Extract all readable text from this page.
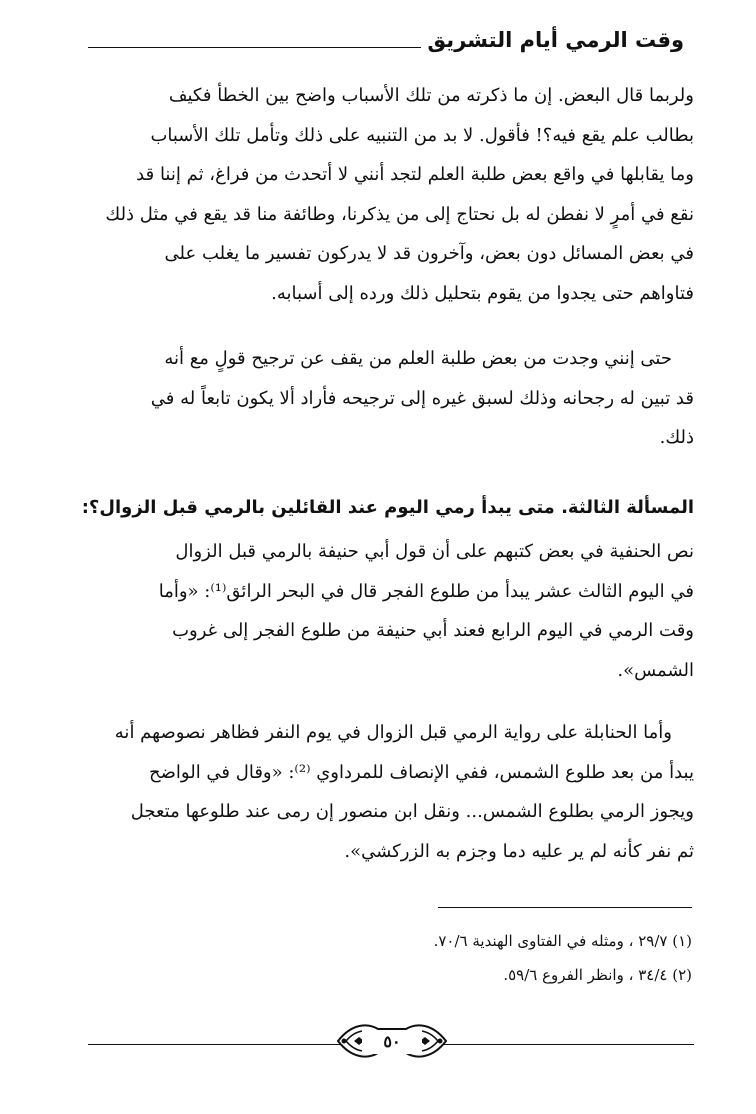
وقت الرمي أيام التشريق

ولربما قال البعض. إن ما ذكرته من تلك الأسباب واضح بين الخطأ فكيف
بطالب علم يقع فيه؟! فأقول. لا بد من التنبيه على ذلك وتأمل تلك الأسباب
وما يقابلها في واقع بعض طلبة العلم لتجد أنني لا أتحدث من فراغ، ثم إننا قد
نقع في أمرٍ لا نفطن له بل نحتاج إلى من يذكرنا، وطائفة منا قد يقع في مثل ذلك
في بعض المسائل دون بعض، وآخرون قد لا يدركون تفسير ما يغلب على
فتاواهم حتى يجدوا من يقوم بتحليل ذلك ورده إلى أسبابه.

حتى إنني وجدت من بعض طلبة العلم من يقف عن ترجيح قولٍ مع أنه
قد تبين له رجحانه وذلك لسبق غيره إلى ترجيحه فأراد ألا يكون تابعاً له في
ذلك.

المسألة الثالثة. متى يبدأ رمي اليوم عند القائلين بالرمي قبل الزوال؟:

نص الحنفية في بعض كتبهم على أن قول أبي حنيفة بالرمي قبل الزوال
في اليوم الثالث عشر يبدأ من طلوع الفجر قال في البحر الرائق⁽¹⁾: «وأما
وقت الرمي في اليوم الرابع فعند أبي حنيفة من طلوع الفجر إلى غروب
الشمس».

وأما الحنابلة على رواية الرمي قبل الزوال في يوم النفر فظاهر نصوصهم أنه
يبدأ من بعد طلوع الشمس، ففي الإنصاف للمرداوي ⁽²⁾: «وقال في الواضح
ويجوز الرمي بطلوع الشمس... ونقل ابن منصور إن رمى عند طلوعها متعجل
ثم نفر كأنه لم ير عليه دما وجزم به الزركشي».

(١) ٢٩/٧ ، ومثله في الفتاوى الهندية ٧٠/٦.
(٢) ٣٤/٤ ، وانظر الفروع ٥٩/٦.
٥٠
